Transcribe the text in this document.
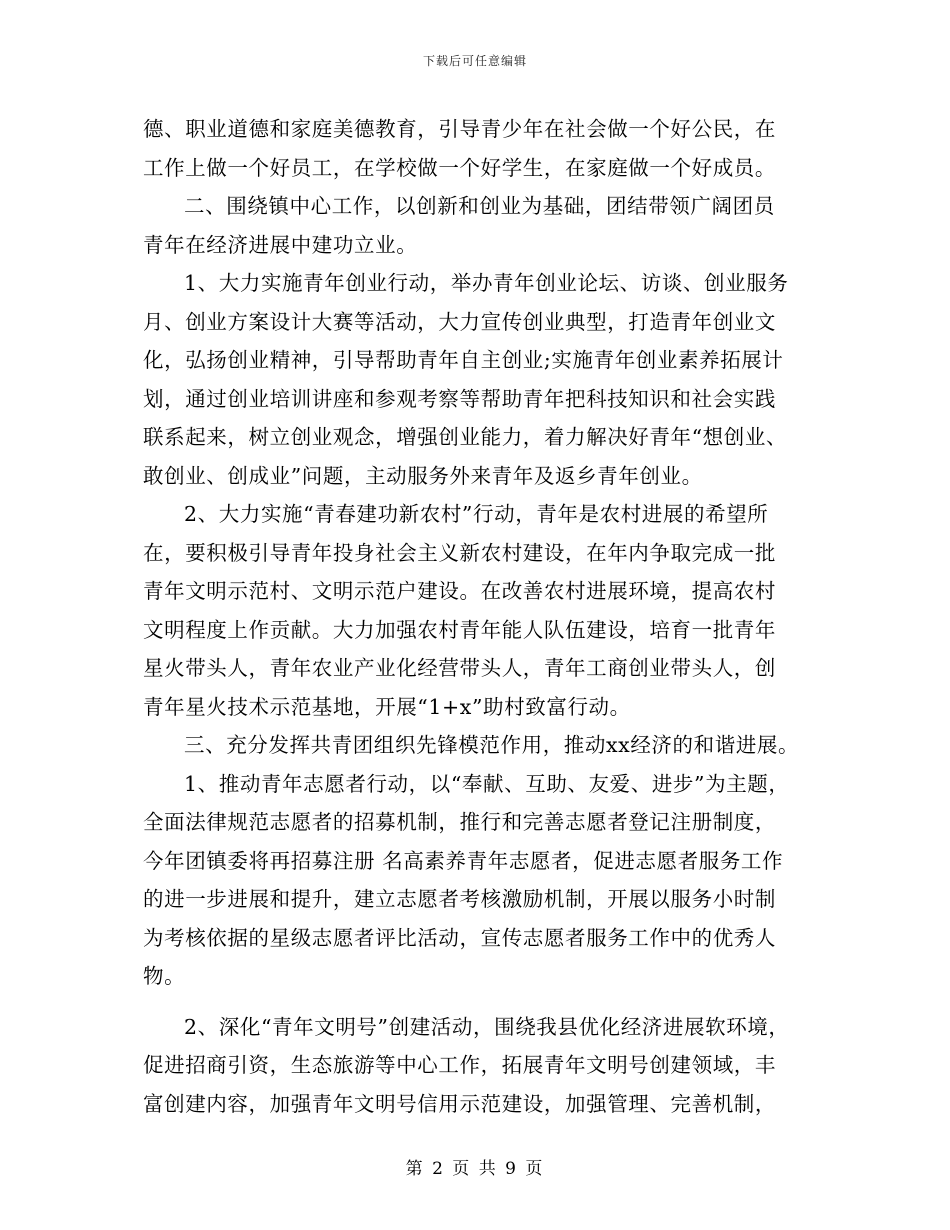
下载后可任意编辑
德、职业道德和家庭美德教育，引导青少年在社会做一个好公民，在
工作上做一个好员工，在学校做一个好学生，在家庭做一个好成员。
二、围绕镇中心工作，以创新和创业为基础，团结带领广阔团员
青年在经济进展中建功立业。
1、大力实施青年创业行动，举办青年创业论坛、访谈、创业服务
月、创业方案设计大赛等活动，大力宣传创业典型，打造青年创业文
化，弘扬创业精神，引导帮助青年自主创业;实施青年创业素养拓展计
划，通过创业培训讲座和参观考察等帮助青年把科技知识和社会实践
联系起来，树立创业观念，增强创业能力，着力解决好青年“想创业、
敢创业、创成业”问题，主动服务外来青年及返乡青年创业。
2、大力实施“青春建功新农村”行动，青年是农村进展的希望所
在，要积极引导青年投身社会主义新农村建设，在年内争取完成一批
青年文明示范村、文明示范户建设。在改善农村进展环境，提高农村
文明程度上作贡献。大力加强农村青年能人队伍建设，培育一批青年
星火带头人，青年农业产业化经营带头人，青年工商创业带头人，创
青年星火技术示范基地，开展“1+x”助村致富行动。
三、充分发挥共青团组织先锋模范作用，推动xx经济的和谐进展。
1、推动青年志愿者行动，以“奉献、互助、友爱、进步”为主题，
全面法律规范志愿者的招募机制，推行和完善志愿者登记注册制度，
今年团镇委将再招募注册 名高素养青年志愿者，促进志愿者服务工作
的进一步进展和提升，建立志愿者考核激励机制，开展以服务小时制
为考核依据的星级志愿者评比活动，宣传志愿者服务工作中的优秀人
物。
2、深化“青年文明号”创建活动，围绕我县优化经济进展软环境，
促进招商引资，生态旅游等中心工作，拓展青年文明号创建领域，丰
富创建内容，加强青年文明号信用示范建设，加强管理、完善机制，
第 2 页 共 9 页
